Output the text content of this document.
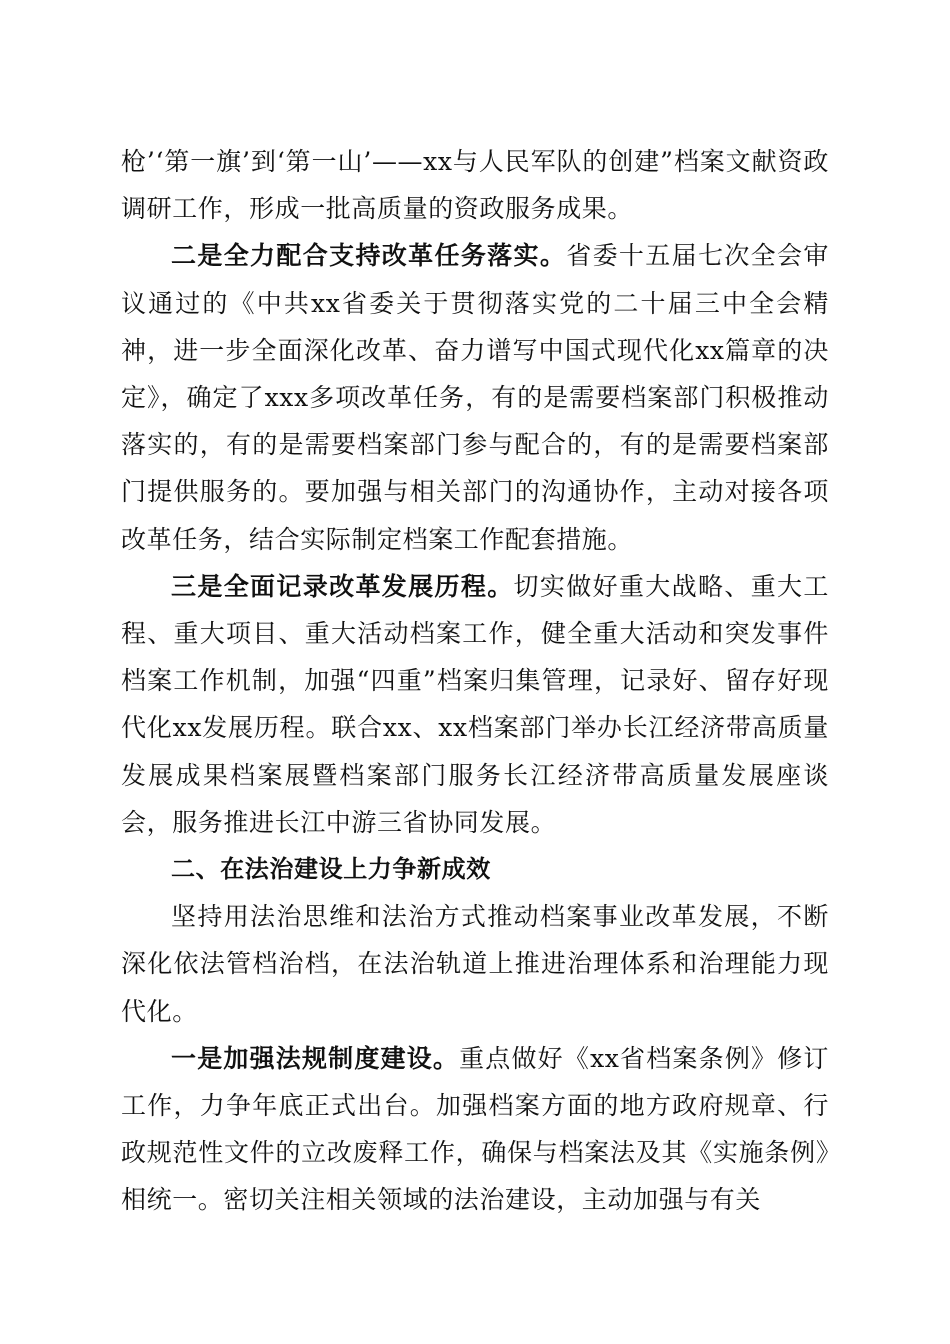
枪’‘第一旗’到‘第一山’——xx与人民军队的创建”档案文献资政调研工作，形成一批高质量的资政服务成果。

二是全力配合支持改革任务落实。省委十五届七次全会审议通过的《中共xx省委关于贯彻落实党的二十届三中全会精神，进一步全面深化改革、奋力谱写中国式现代化xx篇章的决定》，确定了xxx多项改革任务，有的是需要档案部门积极推动落实的，有的是需要档案部门参与配合的，有的是需要档案部门提供服务的。要加强与相关部门的沟通协作，主动对接各项改革任务，结合实际制定档案工作配套措施。

三是全面记录改革发展历程。切实做好重大战略、重大工程、重大项目、重大活动档案工作，健全重大活动和突发事件档案工作机制，加强“四重”档案归集管理，记录好、留存好现代化xx发展历程。联合xx、xx档案部门举办长江经济带高质量发展成果档案展暨档案部门服务长江经济带高质量发展座谈会，服务推进长江中游三省协同发展。

二、在法治建设上力争新成效

坚持用法治思维和法治方式推动档案事业改革发展，不断深化依法管档治档，在法治轨道上推进治理体系和治理能力现代化。

一是加强法规制度建设。重点做好《xx省档案条例》修订工作，力争年底正式出台。加强档案方面的地方政府规章、行政规范性文件的立改废释工作，确保与档案法及其《实施条例》相统一。密切关注相关领域的法治建设，主动加强与有关
